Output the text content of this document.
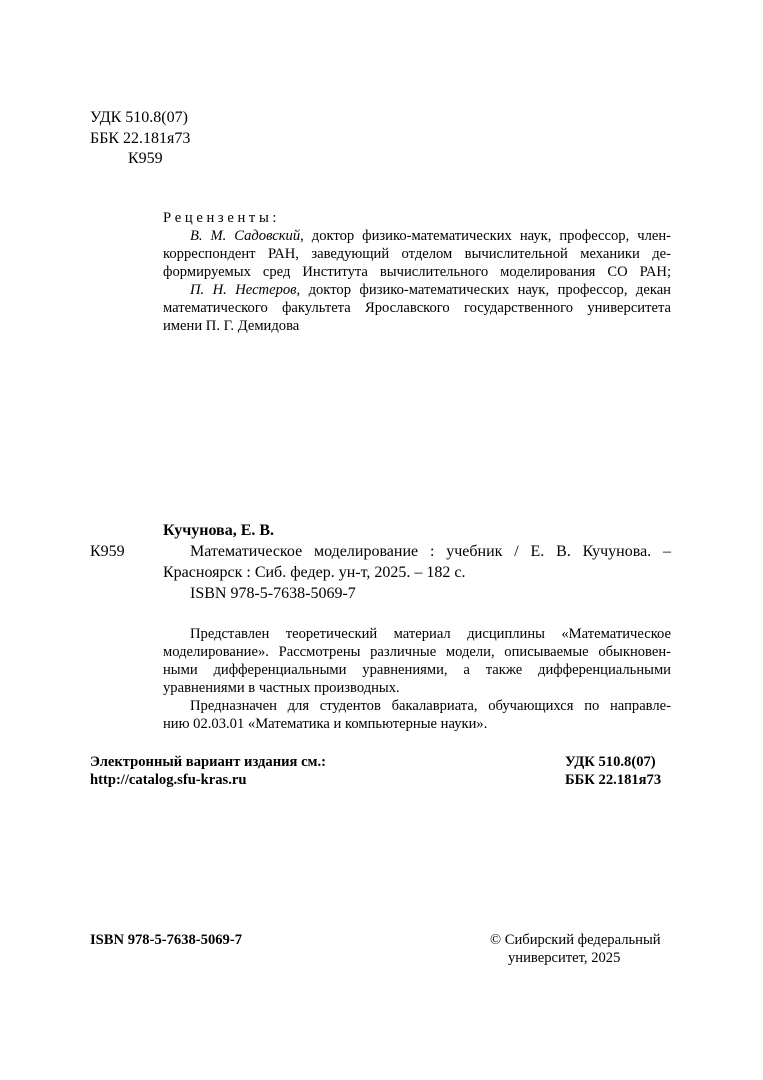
УДК 510.8(07)
ББК 22.181я73
К959
Р е ц е н з е н т ы :
В. М. Садовский, доктор физико-математических наук, профессор, член-
корреспондент РАН, заведующий отделом вычислительной механики де-
формируемых сред Института вычислительного моделирования СО РАН;
П. Н. Нестеров, доктор физико-математических наук, профессор, декан
математического факультета Ярославского государственного университета
имени П. Г. Демидова
Кучунова, Е. В.
К959	Математическое моделирование : учебник / Е. В. Кучунова. –
Красноярск : Сиб. федер. ун-т, 2025. – 182 с.
ISBN 978-5-7638-5069-7
Представлен теоретический материал дисциплины «Математическое
моделирование». Рассмотрены различные модели, описываемые обыкновен-
ными дифференциальными уравнениями, а также дифференциальными
уравнениями в частных производных.
Предназначен для студентов бакалавриата, обучающихся по направле-
нию 02.03.01 «Математика и компьютерные науки».
Электронный вариант издания см.:
http://catalog.sfu-kras.ru
УДК 510.8(07)
ББК 22.181я73
ISBN 978-5-7638-5069-7	© Сибирский федеральный
университет, 2025
